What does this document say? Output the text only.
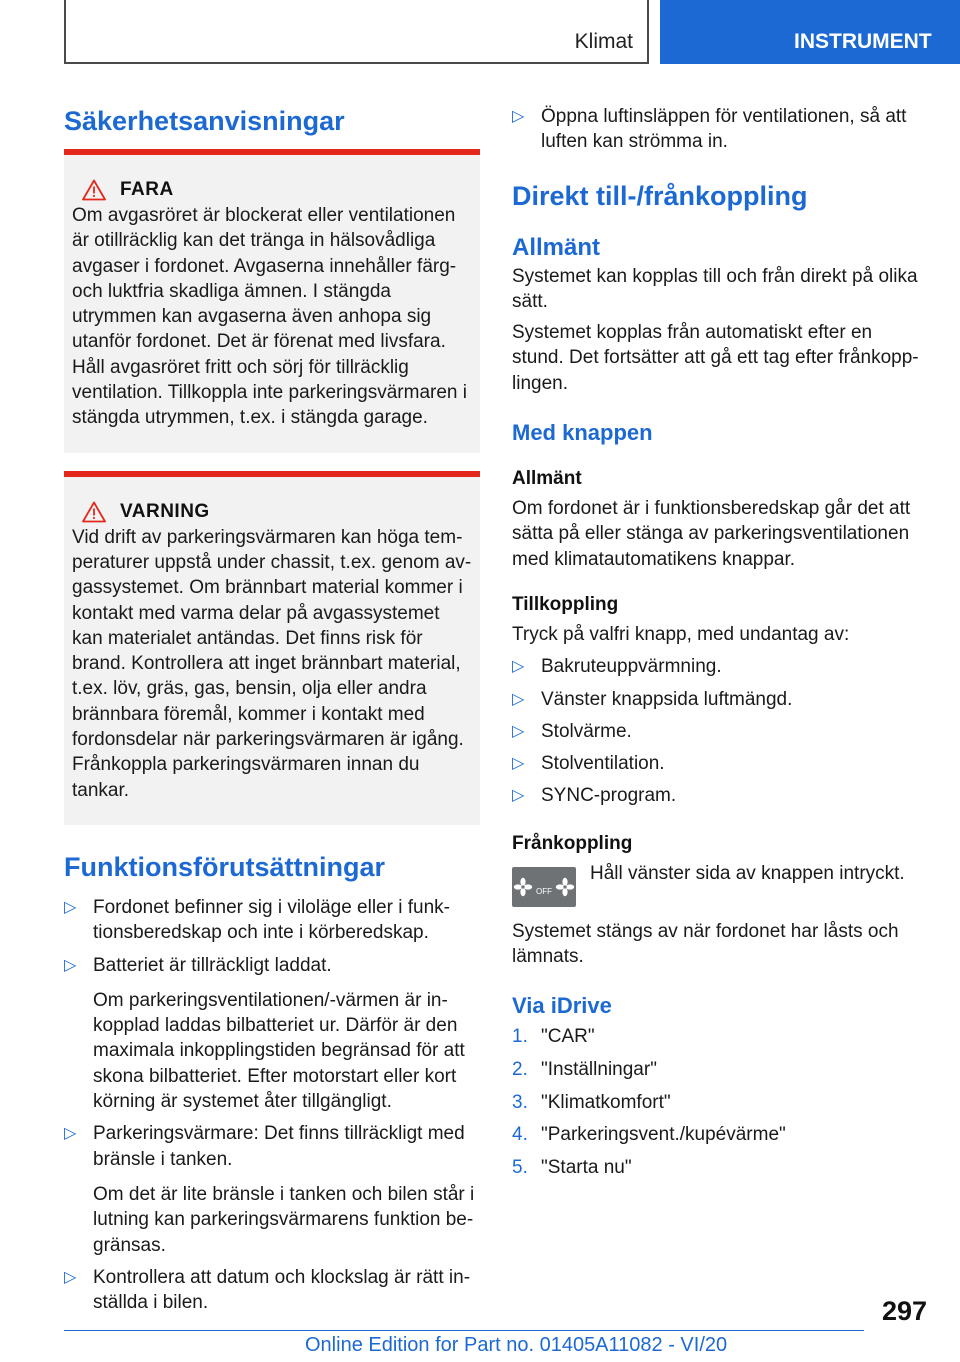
Klimat	INSTRUMENT
Säkerhetsanvisningar
FARA

Om avgasröret är blockerat eller ventilationen är otillräcklig kan det tränga in hälsovådliga avgaser i fordonet. Avgaserna innehåller färg- och luktfria skadliga ämnen. I stängda utrymmen kan avgaserna även anhopa sig utanför fordonet. Det är förenat med livsfara. Håll avgasröret fritt och sörj för tillräcklig ventilation. Tillkoppla inte parkeringsvärmaren i stängda utrymmen, t.ex. i stängda garage.

VARNING

Vid drift av parkeringsvärmaren kan höga temperaturer uppstå under chassit, t.ex. genom avgassystemet. Om brännbart material kommer i kontakt med varma delar på avgassystemet kan materialet antändas. Det finns risk för brand. Kontrollera att inget brännbart material, t.ex. löv, gräs, gas, bensin, olja eller andra brännbara föremål, kommer i kontakt med fordonsdelar när parkeringsvärmaren är igång. Frånkoppla parkeringsvärmaren innan du tankar.

Funktionsförutsättningar
▷ Fordonet befinner sig i viloläge eller i funktionsberedskap och inte i körberedskap.
▷ Batteriet är tillräckligt laddat.
Om parkeringsventilationen/-värmen är inkopplad laddas bilbatteriet ur. Därför är den maximala inkopplingstiden begränsad för att skona bilbatteriet. Efter motorstart eller kort körning är systemet åter tillgängligt.
▷ Parkeringsvärmare: Det finns tillräckligt med bränsle i tanken.
Om det är lite bränsle i tanken och bilen står i lutning kan parkeringsvärmarens funktion begränsas.
▷ Kontrollera att datum och klockslag är rätt inställda i bilen.
▷ Öppna luftinsläppen för ventilationen, så att luften kan strömma in.
Direkt till-/frånkoppling
Allmänt

Systemet kan kopplas till och från direkt på olika sätt.

Systemet kopplas från automatiskt efter en stund. Det fortsätter att gå ett tag efter frånkopplingen.

Med knappen
Allmänt

Om fordonet är i funktionsberedskap går det att sätta på eller stänga av parkeringsventilationen med klimatautomatikens knappar.

Tillkoppling

Tryck på valfri knapp, med undantag av:

▷ Bakruteuppvärmning.
▷ Vänster knappsida luftmängd.
▷ Stolvärme.
▷ Stolventilation.
▷ SYNC-program.
Frånkoppling
OFF

Håll vänster sida av knappen intryckt.

Systemet stängs av när fordonet har låsts och lämnats.

Via iDrive
1. "CAR"
2. "Inställningar"
3. "Klimatkomfort"
4. "Parkeringsvent./kupévärme"
5. "Starta nu"
297
Online Edition for Part no. 01405A11082 - VI/20
